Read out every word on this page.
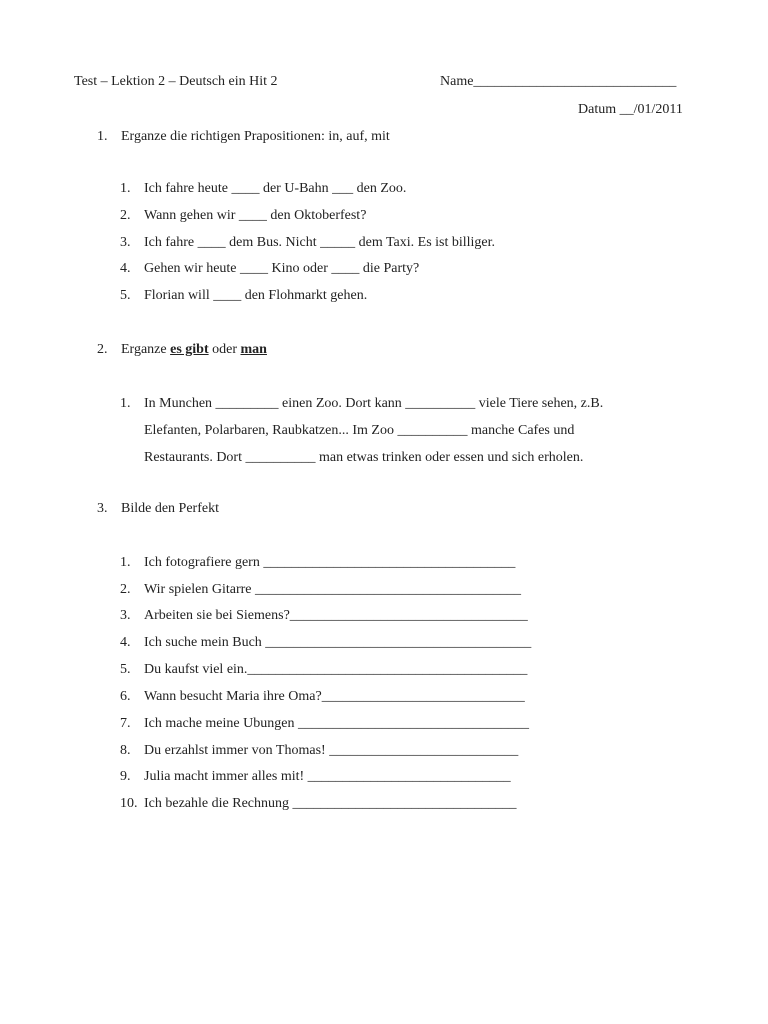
Test – Lektion 2 – Deutsch ein Hit 2	Name_____________________________
Datum __/01/2011
1. Erganze die richtigen Prapositionen: in, auf, mit
1. Ich fahre heute ____ der U-Bahn ___ den Zoo.
2. Wann gehen wir ____ den Oktoberfest?
3. Ich fahre ____ dem Bus. Nicht _____ dem Taxi. Es ist billiger.
4. Gehen wir heute ____ Kino oder ____ die Party?
5. Florian will ____ den Flohmarkt gehen.
2. Erganze es gibt oder man
1. In Munchen _________ einen Zoo. Dort kann __________ viele Tiere sehen, z.B.
Elefanten, Polarbaren, Raubkatzen... Im Zoo __________ manche Cafes und
Restaurants. Dort __________ man etwas trinken oder essen und sich erholen.
3. Bilde den Perfekt
1. Ich fotografiere gern ____________________________________
2. Wir spielen Gitarre ______________________________________
3. Arbeiten sie bei Siemens?__________________________________
4. Ich suche mein Buch ______________________________________
5. Du kaufst viel ein.________________________________________
6. Wann besucht Maria ihre Oma?_____________________________
7. Ich mache meine Ubungen _________________________________
8. Du erzahlst immer von Thomas! ___________________________
9. Julia macht immer alles mit! _____________________________
10. Ich bezahle die Rechnung ________________________________
